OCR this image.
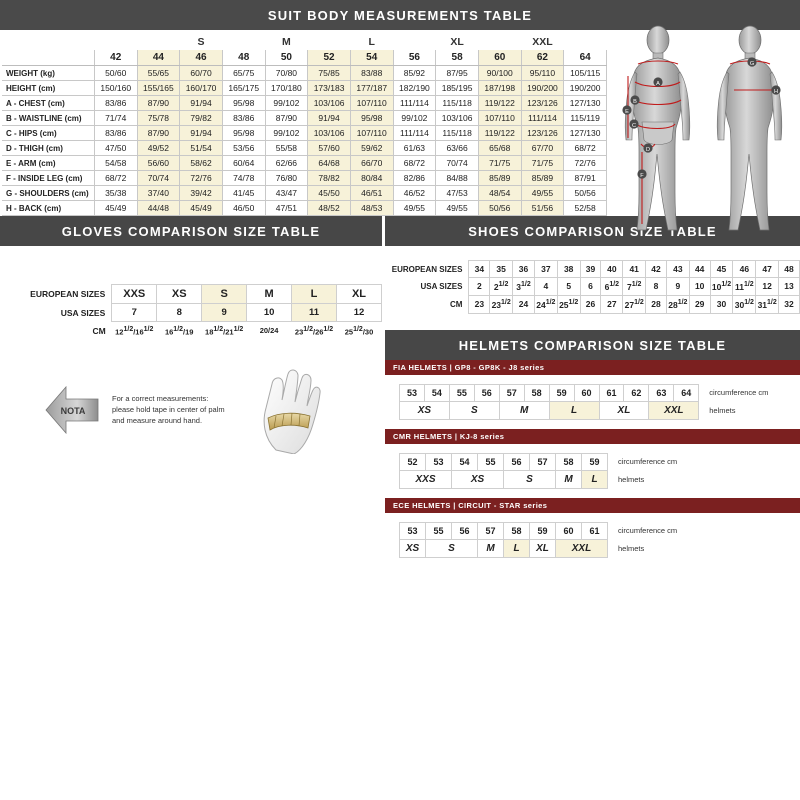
SUIT BODY MEASUREMENTS TABLE
			S		M		L		XL		XXL	
	42	44	46	48	50	52	54	56	58	60	62	64
WEIGHT (kg)	50/60	55/65	60/70	65/75	70/80	75/85	83/88	85/92	87/95	90/100	95/110	105/115
HEIGHT (cm)	150/160	155/165	160/170	165/175	170/180	173/183	177/187	182/190	185/195	187/198	190/200	190/200
A - CHEST (cm)	83/86	87/90	91/94	95/98	99/102	103/106	107/110	111/114	115/118	119/122	123/126	127/130
B - WAISTLINE (cm)	71/74	75/78	79/82	83/86	87/90	91/94	95/98	99/102	103/106	107/110	111/114	115/119
C - HIPS (cm)	83/86	87/90	91/94	95/98	99/102	103/106	107/110	111/114	115/118	119/122	123/126	127/130
D - THIGH (cm)	47/50	49/52	51/54	53/56	55/58	57/60	59/62	61/63	63/66	65/68	67/70	68/72
E - ARM (cm)	54/58	56/60	58/62	60/64	62/66	64/68	66/70	68/72	70/74	71/75	71/75	72/76
F - INSIDE LEG (cm)	68/72	70/74	72/76	74/78	76/80	78/82	80/84	82/86	84/88	85/89	85/89	87/91
G - SHOULDERS (cm)	35/38	37/40	39/42	41/45	43/47	45/50	46/51	46/52	47/53	48/54	49/55	50/56
H - BACK (cm)	45/49	44/48	45/49	46/50	47/51	48/52	48/53	49/55	49/55	50/56	51/56	52/58
A
B
C
D
E
F
G
H
GLOVES COMPARISON SIZE TABLE
EUROPEAN SIZES	XXS	XS	S	M	L	XL
USA SIZES	7	8	9	10	11	12
CM	121/2/161/2	161/2/19	181/2/211/2	20/24	231/2/261/2	251/2/30
NOTA
For a correct measurements: please hold tape in center of palm and measure around hand.
SHOES COMPARISON SIZE TABLE
EUROPEAN SIZES	34	35	36	37	38	39	40	41	42	43	44	45	46	47	48
USA SIZES	2	$2^{1/2}$	$3^{1/2}$	4	5	6	$6^{1/2}$	$7^{1/2}$	8	9	10	$10^{1/2}$	$11^{1/2}$	12	13
CM	23	$23^{1/2}$	24	$24^{1/2}$	$25^{1/2}$	26	27	$27^{1/2}$	28	$28^{1/2}$	29	30	$30^{1/2}$	$31^{1/2}$	32
HELMETS COMPARISON SIZE TABLE
FIA HELMETS | GP8 - GP8K - J8 series
53	54	55	56	57	58	59	60	61	62	63	64	circumference cm
XS		S		M		L		XL		XXL		helmets
CMR HELMETS | KJ-8 series
52	53	54	55	56	57	58	59	circumference cm
XXS		XS		S		M	L	helmets
ECE HELMETS | CIRCUIT - STAR series
53	55	56	57	58	59	60	61	circumference cm
XS	S		M	L	XL	XXL		helmets
